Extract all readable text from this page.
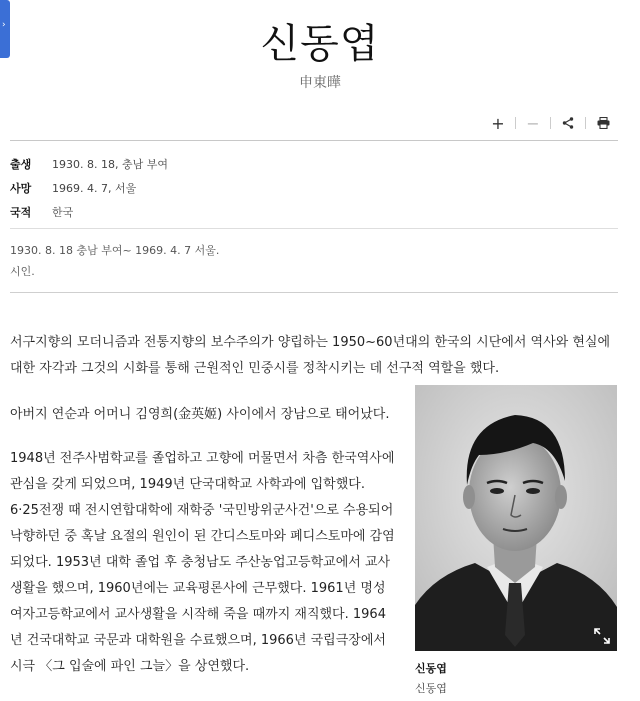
›	신동엽
申東曄
+	−
출생	1930. 8. 18, 충남 부여
사망	1969. 4. 7, 서울
국적	한국
1930. 8. 18 충남 부여~ 1969. 4. 7 서울.
시인.
서구지향의 모더니즘과 전통지향의 보수주의가 양립하는 1950~60년대의 한국의 시단에서 역사와 현실에 대한 자각과 그것의 시화를 통해 근원적인 민중시를 정착시키는 데 선구적 역할을 했다.

아버지 연순과 어머니 김영희(金英姬) 사이에서 장남으로 태어났다.

1948년 전주사범학교를 졸업하고 고향에 머물면서 차츰 한국역사에 관심을 갖게 되었으며, 1949년 단국대학교 사학과에 입학했다. 6·25전쟁 때 전시연합대학에 재학중 '국민방위군사건'으로 수용되어 낙향하던 중 혹날 요절의 원인이 된 간디스토마와 폐디스토마에 감염되었다. 1953년 대학 졸업 후 충청남도 주산농업고등학교에서 교사생활을 했으며, 1960년에는 교육평론사에 근무했다. 1961년 명성여자고등학교에서 교사생활을 시작해 죽을 때까지 재직했다. 1964년 건국대학교 국문과 대학원을 수료했으며, 1966년 국립극장에서 시극 〈그 입술에 파인 그늘〉을 상연했다.	신동엽
신동엽
